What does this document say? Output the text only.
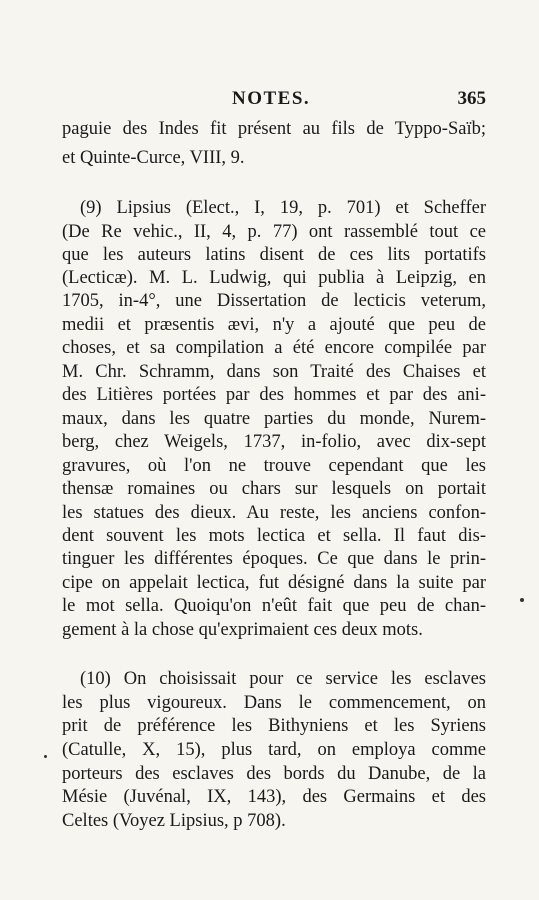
NOTES.	365
paguie des Indes fit présent au fils de Typpo-Saïb;
et Quinte-Curce, VIII, 9.
(9) Lipsius (Elect., I, 19, p. 701) et Scheffer
(De Re vehic., II, 4, p. 77) ont rassemblé tout ce
que les auteurs latins disent de ces lits portatifs
(Lecticæ). M. L. Ludwig, qui publia à Leipzig, en
1705, in-4°, une Dissertation de lecticis veterum,
medii et præsentis ævi, n'y a ajouté que peu de
choses, et sa compilation a été encore compilée par
M. Chr. Schramm, dans son Traité des Chaises et
des Litières portées par des hommes et par des ani-
maux, dans les quatre parties du monde, Nurem-
berg, chez Weigels, 1737, in-folio, avec dix-sept
gravures, où l'on ne trouve cependant que les
thensæ romaines ou chars sur lesquels on portait
les statues des dieux. Au reste, les anciens confon-
dent souvent les mots lectica et sella. Il faut dis-
tinguer les différentes époques. Ce que dans le prin-
cipe on appelait lectica, fut désigné dans la suite par
le mot sella. Quoiqu'on n'eût fait que peu de chan-
gement à la chose qu'exprimaient ces deux mots.
(10) On choisissait pour ce service les esclaves
les plus vigoureux. Dans le commencement, on
prit de préférence les Bithyniens et les Syriens
(Catulle, X, 15), plus tard, on employa comme
porteurs des esclaves des bords du Danube, de la
Mésie (Juvénal, IX, 143), des Germains et des
Celtes (Voyez Lipsius, p 708).
